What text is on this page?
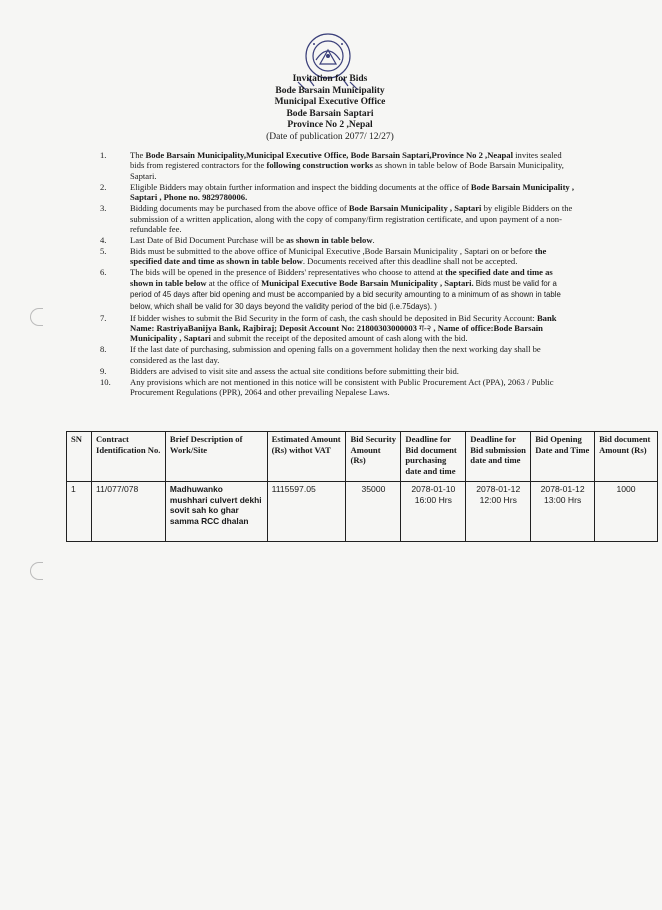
Invitation for Bids
Bode Barsain Municipality
Municipal Executive Office
Bode Barsain Saptari
Province No 2 ,Nepal
(Date of publication 2077/ 12/27)
1.	The Bode Barsain Municipality,Municipal Executive Office, Bode Barsain Saptari,Province No 2 ,Neapal invites sealed bids from registered contractors for the following construction works as shown in table below of Bode Barsain Municipality, Saptari.
2.	Eligible Bidders may obtain further information and inspect the bidding documents at the office of Bode Barsain Municipality , Saptari , Phone no. 9829780006.
3.	Bidding documents may be purchased from the above office of Bode Barsain Municipality , Saptari by eligible Bidders on the submission of a written application, along with the copy of company/firm registration certificate, and upon payment of a non-refundable fee.
4.	Last Date of Bid Document Purchase will be as shown in table below.
5.	Bids must be submitted to the above office of Municipal Executive ,Bode Barsain Municipality , Saptari on or before the specified date and time as shown in table below. Documents received after this deadline shall not be accepted.
6.	The bids will be opened in the presence of Bidders' representatives who choose to attend at the specified date and time as shown in table below at the office of Municipal Executive Bode Barsain Municipality , Saptari. Bids must be valid for a period of 45 days after bid opening and must be accompanied by a bid security amounting to a minimum of as shown in table below, which shall be valid for 30 days beyond the validity period of the bid (i.e.75days). )
7.	If bidder wishes to submit the Bid Security in the form of cash, the cash should be deposited in Bid Security Account: Bank Name: RastriyaBanijya Bank, Rajbiraj; Deposit Account No: 21800303000003 ग-२ , Name of office:Bode Barsain Municipality , Saptari and submit the receipt of the deposited amount of cash along with the bid.
8.	If the last date of purchasing, submission and opening falls on a government holiday then the next working day shall be considered as the last day.
9.	Bidders are advised to visit site and assess the actual site conditions before submitting their bid.
10. Any provisions which are not mentioned in this notice will be consistent with Public Procurement Act (PPA), 2063 / Public Procurement Regulations (PPR), 2064 and other prevailing Nepalese Laws.
SN	Contract Identification No.	Brief Description of Work/Site	Estimated Amount (Rs) withot VAT	Bid Security Amount (Rs)	Deadline for Bid document purchasing date and time	Deadline for Bid submission date and time	Bid Opening Date and Time	Bid document Amount (Rs)
1	11/077/078	Madhuwanko mushhari culvert dekhi sovit sah ko ghar samma RCC dhalan	1115597.05	35000	2078-01-10 16:00 Hrs	2078-01-12 12:00 Hrs	2078-01-12 13:00 Hrs	1000
